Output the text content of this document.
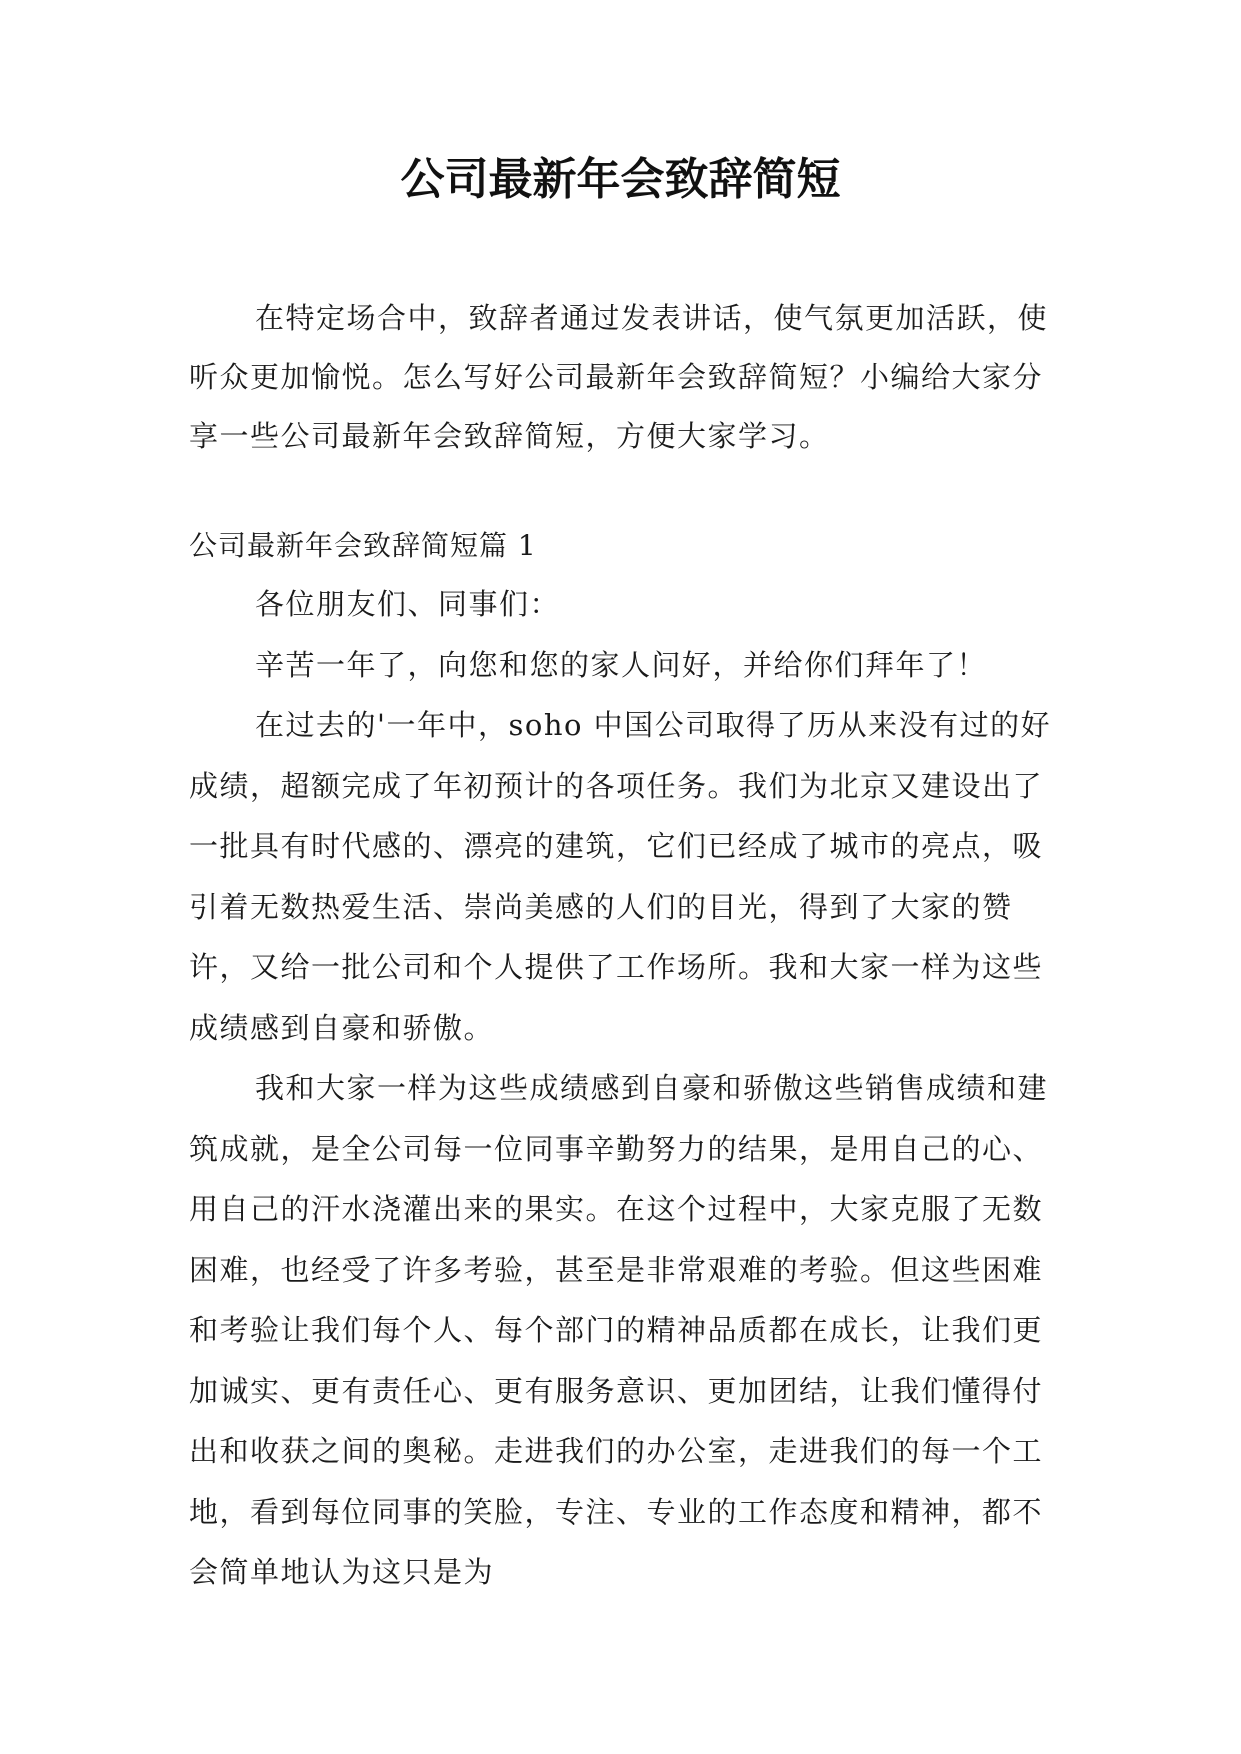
公司最新年会致辞简短

在特定场合中，致辞者通过发表讲话，使气氛更加活跃，使听众更加愉悦。怎么写好公司最新年会致辞简短？小编给大家分享一些公司最新年会致辞简短，方便大家学习。

公司最新年会致辞简短篇 1

各位朋友们、同事们：

辛苦一年了，向您和您的家人问好，并给你们拜年了！

在过去的'一年中，soho 中国公司取得了历从来没有过的好成绩，超额完成了年初预计的各项任务。我们为北京又建设出了一批具有时代感的、漂亮的建筑，它们已经成了城市的亮点，吸引着无数热爱生活、崇尚美感的人们的目光，得到了大家的赞许，又给一批公司和个人提供了工作场所。我和大家一样为这些成绩感到自豪和骄傲。

我和大家一样为这些成绩感到自豪和骄傲这些销售成绩和建筑成就，是全公司每一位同事辛勤努力的结果，是用自己的心、用自己的汗水浇灌出来的果实。在这个过程中，大家克服了无数困难，也经受了许多考验，甚至是非常艰难的考验。但这些困难和考验让我们每个人、每个部门的精神品质都在成长，让我们更加诚实、更有责任心、更有服务意识、更加团结，让我们懂得付出和收获之间的奥秘。走进我们的办公室，走进我们的每一个工地，看到每位同事的笑脸，专注、专业的工作态度和精神，都不会简单地认为这只是为
